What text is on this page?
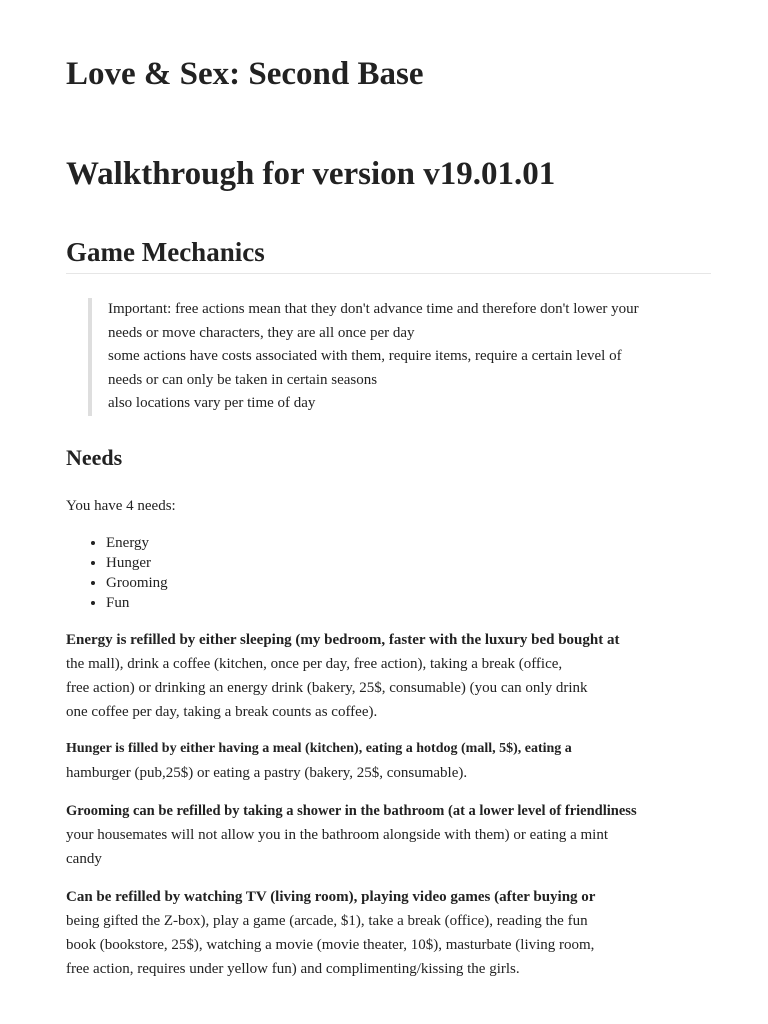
Love & Sex: Second Base
Walkthrough for version v19.01.01
Game Mechanics
Important: free actions mean that they don't advance time and therefore don't lower your
needs or move characters, they are all once per day
some actions have costs associated with them, require items, require a certain level of
needs or can only be taken in certain seasons
also locations vary per time of day
Needs
You have 4 needs:
• Energy
• Hunger
• Grooming
• Fun
Energy is refilled by either sleeping (my bedroom, faster with the luxury bed bought at
the mall), drink a coffee (kitchen, once per day, free action), taking a break (office,
free action) or drinking an energy drink (bakery, 25$, consumable) (you can only drink
one coffee per day, taking a break counts as coffee).
Hunger is filled by either having a meal (kitchen), eating a hotdog (mall, 5$), eating a
hamburger (pub,25$) or eating a pastry (bakery, 25$, consumable).
Grooming can be refilled by taking a shower in the bathroom (at a lower level of friendliness
your housemates will not allow you in the bathroom alongside with them) or eating a mint
candy
Can be refilled by watching TV (living room), playing video games (after buying or
being gifted the Z-box), play a game (arcade, $1), take a break (office), reading the fun
book (bookstore, 25$), watching a movie (movie theater, 10$), masturbate (living room,
free action, requires under yellow fun) and complimenting/kissing the girls.
